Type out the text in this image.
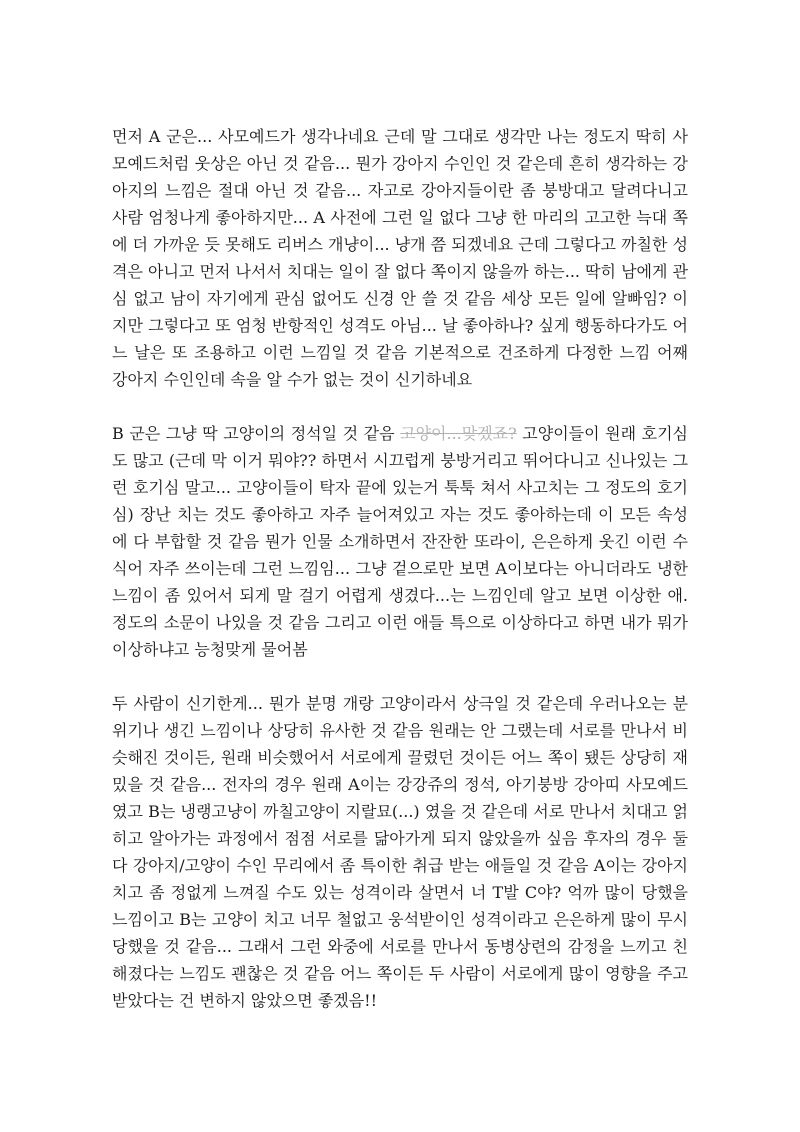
먼저 A 군은... 사모예드가 생각나네요 근데 말 그대로 생각만 나는 정도지 딱히 사모예드처럼 웃상은 아닌 것 같음... 뭔가 강아지 수인인 것 같은데 흔히 생각하는 강아지의 느낌은 절대 아닌 것 같음... 자고로 강아지들이란 좀 붕방대고 달려다니고 사람 엄청나게 좋아하지만... A 사전에 그런 일 없다 그냥 한 마리의 고고한 늑대 쪽에 더 가까운 듯 못해도 리버스 개냥이... 냥개 쯤 되겠네요 근데 그렇다고 까칠한 성격은 아니고 먼저 나서서 치대는 일이 잘 없다 쪽이지 않을까 하는... 딱히 남에게 관심 없고 남이 자기에게 관심 없어도 신경 안 쓸 것 같음 세상 모든 일에 알빠임? 이지만 그렇다고 또 엄청 반항적인 성격도 아님... 날 좋아하나? 싶게 행동하다가도 어느 날은 또 조용하고 이런 느낌일 것 같음 기본적으로 건조하게 다정한 느낌 어째 강아지 수인인데 속을 알 수가 없는 것이 신기하네요

B 군은 그냥 딱 고양이의 정석일 것 같음 고양이...맞겠죠? 고양이들이 원래 호기심도 많고 (근데 막 이거 뭐야?? 하면서 시끄럽게 붕방거리고 뛰어다니고 신나있는 그런 호기심 말고... 고양이들이 탁자 끝에 있는거 툭툭 쳐서 사고치는 그 정도의 호기심) 장난 치는 것도 좋아하고 자주 늘어져있고 자는 것도 좋아하는데 이 모든 속성에 다 부합할 것 같음 뭔가 인물 소개하면서 잔잔한 또라이, 은은하게 웃긴 이런 수식어 자주 쓰이는데 그런 느낌임... 그냥 겉으로만 보면 A이보다는 아니더라도 냉한 느낌이 좀 있어서 되게 말 걸기 어렵게 생겼다...는 느낌인데 알고 보면 이상한 애. 정도의 소문이 나있을 것 같음 그리고 이런 애들 특으로 이상하다고 하면 내가 뭐가 이상하냐고 능청맞게 물어봄

두 사람이 신기한게... 뭔가 분명 개랑 고양이라서 상극일 것 같은데 우러나오는 분위기나 생긴 느낌이나 상당히 유사한 것 같음 원래는 안 그랬는데 서로를 만나서 비슷해진 것이든, 원래 비슷했어서 서로에게 끌렸던 것이든 어느 쪽이 됐든 상당히 재밌을 것 같음... 전자의 경우 원래 A이는 강강쥬의 정석, 아기붕방 강아띠 사모예드였고 B는 냉랭고냥이 까칠고양이 지랄묘(...) 였을 것 같은데 서로 만나서 치대고 얽히고 알아가는 과정에서 점점 서로를 닮아가게 되지 않았을까 싶음 후자의 경우 둘 다 강아지/고양이 수인 무리에서 좀 특이한 취급 받는 애들일 것 같음 A이는 강아지 치고 좀 정없게 느껴질 수도 있는 성격이라 살면서 너 T발 C야? 억까 많이 당했을 느낌이고 B는 고양이 치고 너무 철없고 웅석받이인 성격이라고 은은하게 많이 무시당했을 것 같음... 그래서 그런 와중에 서로를 만나서 동병상련의 감정을 느끼고 친해졌다는 느낌도 괜찮은 것 같음 어느 쪽이든 두 사람이 서로에게 많이 영향을 주고 받았다는 건 변하지 않았으면 좋겠음!!
